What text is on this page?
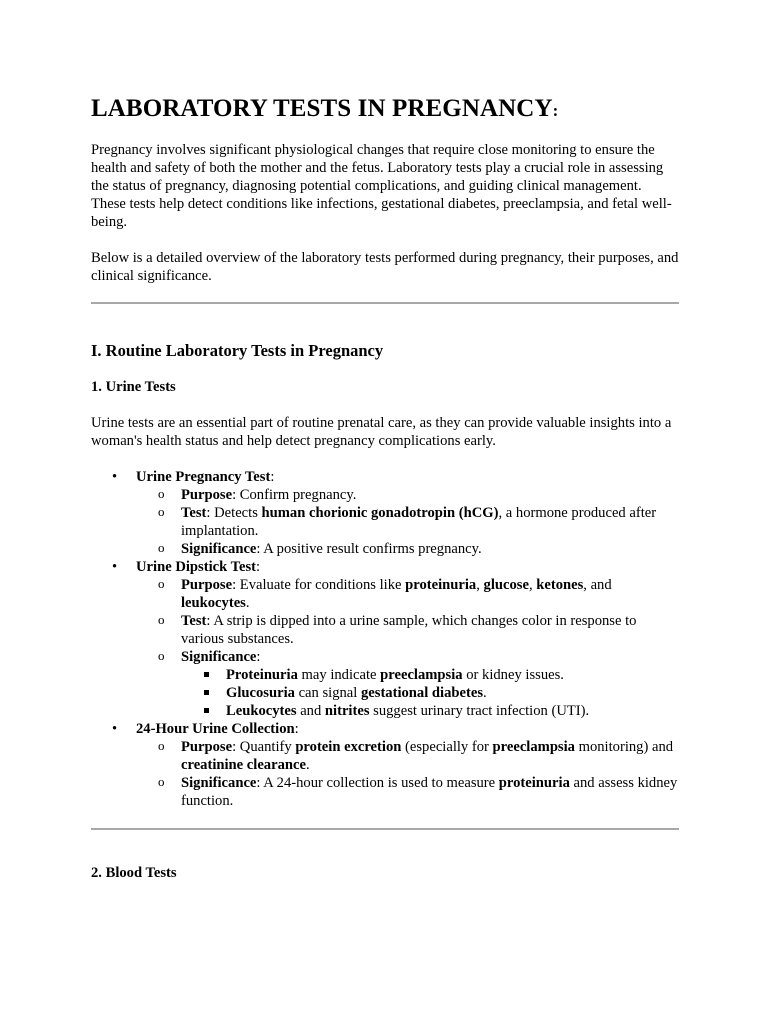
LABORATORY TESTS IN PREGNANCY:

Pregnancy involves significant physiological changes that require close monitoring to ensure the health and safety of both the mother and the fetus. Laboratory tests play a crucial role in assessing the status of pregnancy, diagnosing potential complications, and guiding clinical management. These tests help detect conditions like infections, gestational diabetes, preeclampsia, and fetal well-being.

Below is a detailed overview of the laboratory tests performed during pregnancy, their purposes, and clinical significance.

I. Routine Laboratory Tests in Pregnancy
1. Urine Tests

Urine tests are an essential part of routine prenatal care, as they can provide valuable insights into a woman's health status and help detect pregnancy complications early.

• Urine Pregnancy Test:
o Purpose: Confirm pregnancy.
o Test: Detects human chorionic gonadotropin (hCG), a hormone produced after implantation.
o Significance: A positive result confirms pregnancy.
• Urine Dipstick Test:
o Purpose: Evaluate for conditions like proteinuria, glucose, ketones, and leukocytes.
o Test: A strip is dipped into a urine sample, which changes color in response to various substances.
o Significance:
Proteinuria may indicate preeclampsia or kidney issues.
Glucosuria can signal gestational diabetes.
Leukocytes and nitrites suggest urinary tract infection (UTI).
• 24-Hour Urine Collection:
o Purpose: Quantify protein excretion (especially for preeclampsia monitoring) and creatinine clearance.
o Significance: A 24-hour collection is used to measure proteinuria and assess kidney function.
2. Blood Tests
